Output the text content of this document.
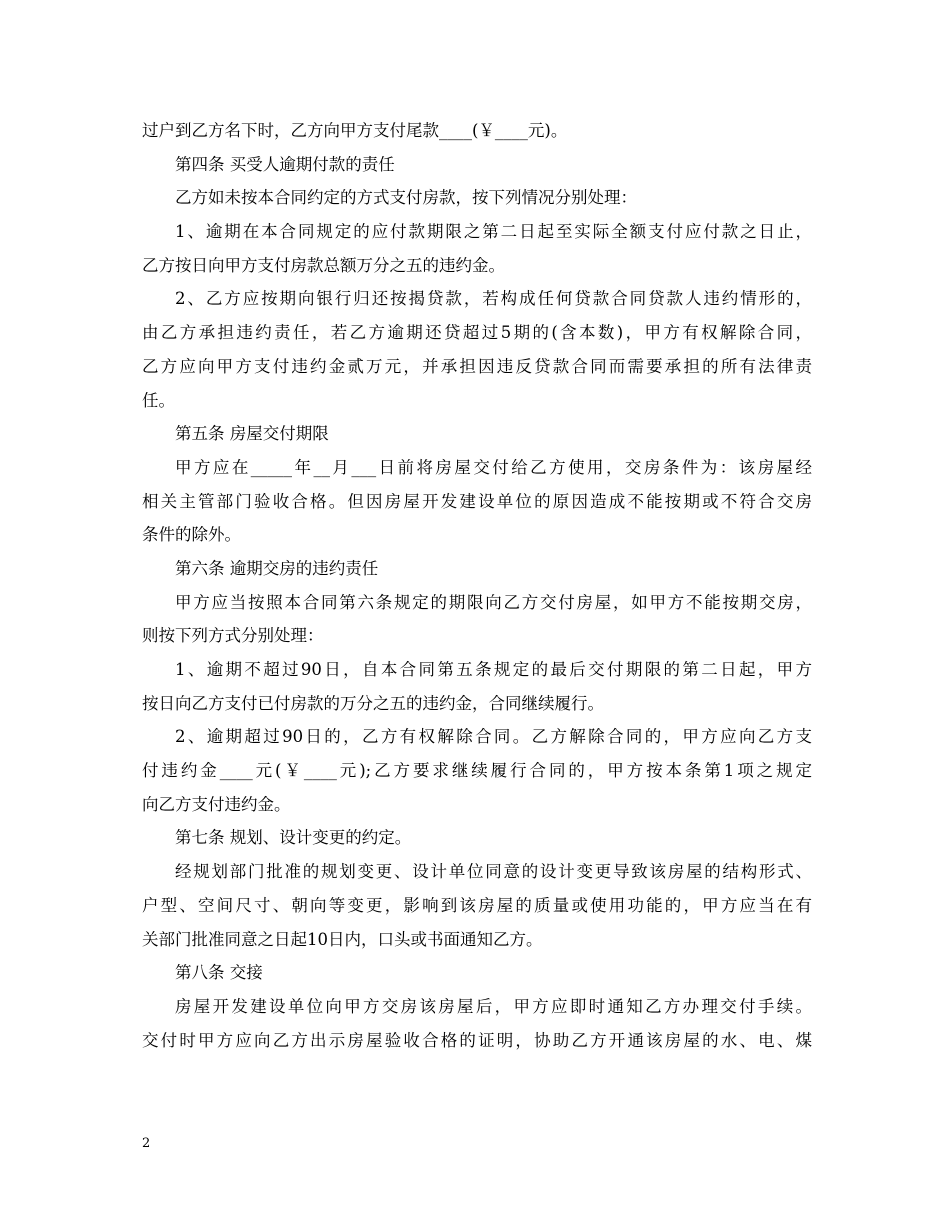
过户到乙方名下时，乙方向甲方支付尾款____(￥____元)。
第四条 买受人逾期付款的责任
乙方如未按本合同约定的方式支付房款，按下列情况分别处理：
1、逾期在本合同规定的应付款期限之第二日起至实际全额支付应付款之日止，
乙方按日向甲方支付房款总额万分之五的违约金。
2、乙方应按期向银行归还按揭贷款，若构成任何贷款合同贷款人违约情形的，
由乙方承担违约责任，若乙方逾期还贷超过5期的(含本数)，甲方有权解除合同，
乙方应向甲方支付违约金贰万元，并承担因违反贷款合同而需要承担的所有法律责
任。
第五条 房屋交付期限
甲方应在_____年__月___日前将房屋交付给乙方使用，交房条件为：该房屋经
相关主管部门验收合格。但因房屋开发建设单位的原因造成不能按期或不符合交房
条件的除外。
第六条 逾期交房的违约责任
甲方应当按照本合同第六条规定的期限向乙方交付房屋，如甲方不能按期交房，
则按下列方式分别处理：
1、逾期不超过90日，自本合同第五条规定的最后交付期限的第二日起，甲方
按日向乙方支付已付房款的万分之五的违约金，合同继续履行。
2、逾期超过90日的，乙方有权解除合同。乙方解除合同的，甲方应向乙方支
付违约金____元(￥____元);乙方要求继续履行合同的，甲方按本条第1项之规定
向乙方支付违约金。
第七条 规划、设计变更的约定。
经规划部门批准的规划变更、设计单位同意的设计变更导致该房屋的结构形式、
户型、空间尺寸、朝向等变更，影响到该房屋的质量或使用功能的，甲方应当在有
关部门批准同意之日起10日内，口头或书面通知乙方。
第八条 交接
房屋开发建设单位向甲方交房该房屋后，甲方应即时通知乙方办理交付手续。
交付时甲方应向乙方出示房屋验收合格的证明，协助乙方开通该房屋的水、电、煤
2
